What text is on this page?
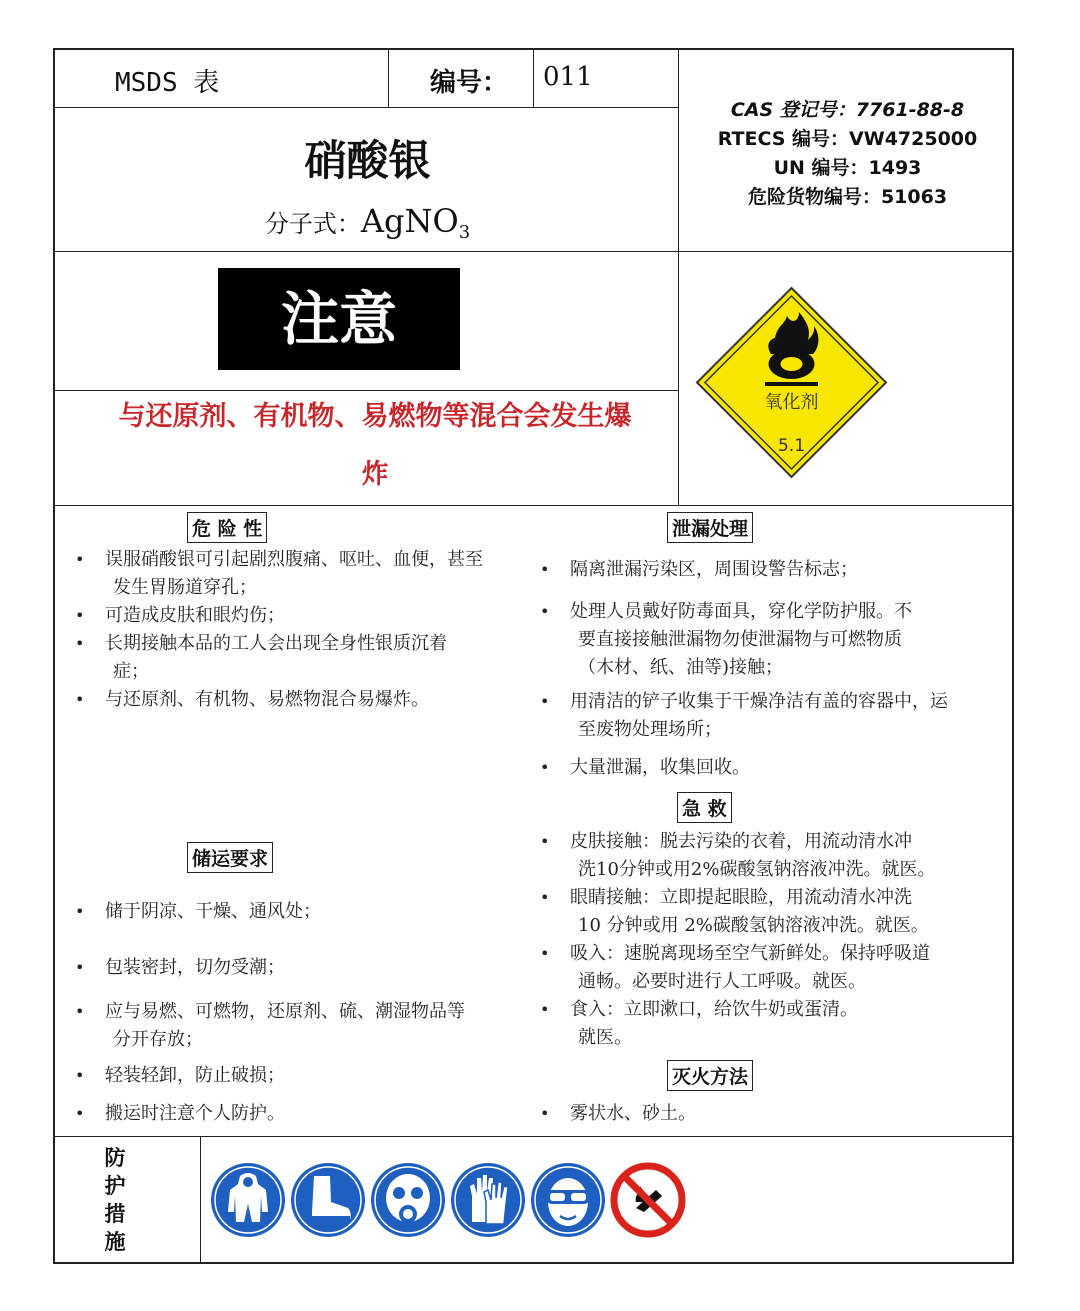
MSDS 表	编号： 011
硝酸银
分子式：AgNO$_3$
CAS 登记号：7761-88-8
RTECS 编号：VW4725000
UN 编号：1493
危险货物编号：51063
注意
与还原剂、有机物、易燃物等混合会发生爆
炸
氧化剂
5.1
危 险 性
• 误服硝酸银可引起剧烈腹痛、呕吐、血便，甚至
发生胃肠道穿孔；
• 可造成皮肤和眼灼伤；
• 长期接触本品的工人会出现全身性银质沉着
症；
• 与还原剂、有机物、易燃物混合易爆炸。
储运要求
• 储于阴凉、干燥、通风处；
• 包装密封，切勿受潮；
• 应与易燃、可燃物，还原剂、硫、潮湿物品等
分开存放；
• 轻装轻卸，防止破损；
• 搬运时注意个人防护。
泄漏处理
• 隔离泄漏污染区，周围设警告标志；
• 处理人员戴好防毒面具，穿化学防护服。不
要直接接触泄漏物勿使泄漏物与可燃物质
（木材、纸、油等)接触；
• 用清洁的铲子收集于干燥净洁有盖的容器中，运
至废物处理场所；
• 大量泄漏，收集回收。
急 救
• 皮肤接触：脱去污染的衣着，用流动清水冲
洗10分钟或用2%碳酸氢钠溶液冲洗。就医。
• 眼睛接触：立即提起眼睑，用流动清水冲洗
10 分钟或用 2%碳酸氢钠溶液冲洗。就医。
• 吸入：速脱离现场至空气新鲜处。保持呼吸道
通畅。必要时进行人工呼吸。就医。
• 食入：立即漱口，给饮牛奶或蛋清。
就医。
灭火方法
• 雾状水、砂土。
防
护
措
施
